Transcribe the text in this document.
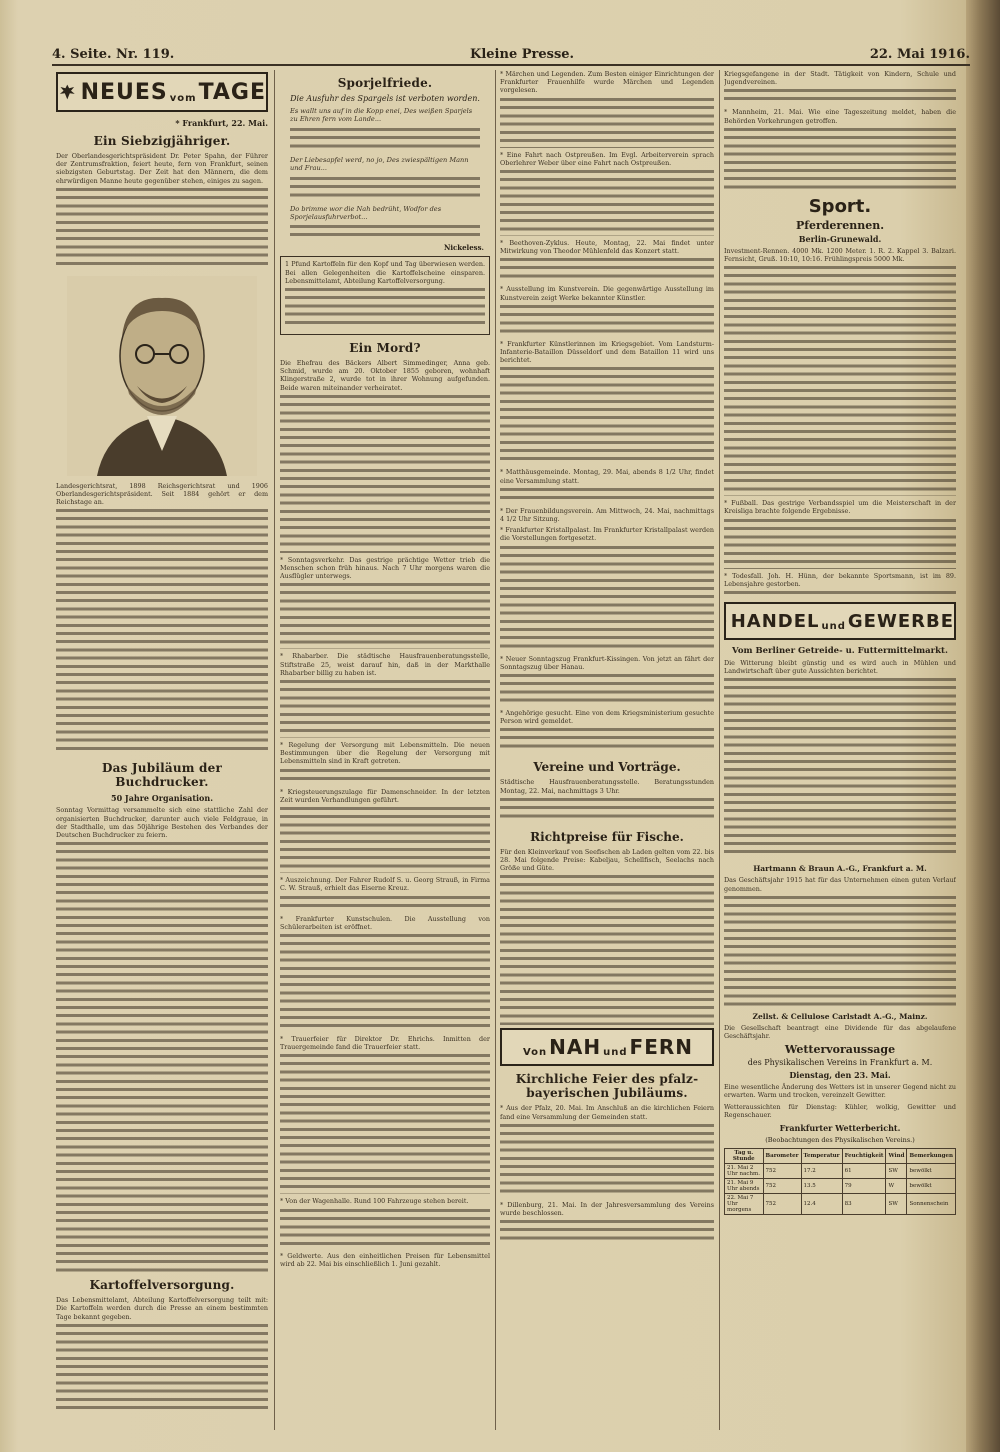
4. Seite. Nr. 119.	Kleine Presse.	22. Mai 1916.
NEUES vom TAGE
* Frankfurt, 22. Mai.
Ein Siebzigjähriger.

Der Oberlandesgerichtspräsident Dr. Peter Spahn, der Führer der Zentrumsfraktion, feiert heute, fern von Frankfurt, seinen siebzigsten Geburtstag. Der Zeit hat den Männern, die dem ehrwürdigen Manne heute gegenüber stehen, einiges zu sagen.

Landesgerichtsrat, 1898 Reichsgerichtsrat und 1906 Oberlandesgerichtspräsident. Seit 1884 gehört er dem Reichstage an.

Das Jubiläum der Buchdrucker.
50 Jahre Organisation.

Sonntag Vormittag versammelte sich eine stattliche Zahl der organisierten Buchdrucker, darunter auch viele Feldgraue, in der Stadthalle, um das 50jährige Bestehen des Verbandes der Deutschen Buchdrucker zu feiern.

Kartoffelversorgung.

Das Lebensmittelamt, Abteilung Kartoffelversorgung teilt mit: Die Kartoffeln werden durch die Presse an einem bestimmten Tage bekannt gegeben.

Sporjelfriede.
Die Ausfuhr des Spargels ist verboten worden.
Es wallt uns auf in die Kopp enei, Des weißen Sparjels zu Ehren fern vom Lande...
Der Liebesapfel werd, no jo, Des zwiespältigen Mann und Frau...
Do brimme wor die Nah bedrüht, Wodfor des Sporjelausfuhrverbot...
Nickeless.

1 Pfund Kartoffeln für den Kopf und Tag überwiesen werden. Bei allen Gelegenheiten die Kartoffelscheine einsparen. Lebensmittelamt, Abteilung Kartoffelversorgung.

Ein Mord?

Die Ehefrau des Bäckers Albert Simmedinger, Anna geb. Schmid, wurde am 20. Oktober 1855 geboren, wohnhaft Klingerstraße 2, wurde tot in ihrer Wohnung aufgefunden. Beide waren miteinander verheiratet.

* Sonntagsverkehr. Das gestrige prächtige Wetter trieb die Menschen schon früh hinaus. Nach 7 Uhr morgens waren die Ausflügler unterwegs.

* Rhabarber. Die städtische Hausfrauenberatungsstelle, Stiftstraße 25, weist darauf hin, daß in der Markthalle Rhabarber billig zu haben ist.

* Regelung der Versorgung mit Lebensmitteln. Die neuen Bestimmungen über die Regelung der Versorgung mit Lebensmitteln sind in Kraft getreten.

* Kriegsteuerungszulage für Damenschneider. In der letzten Zeit wurden Verhandlungen geführt.

* Auszeichnung. Der Fahrer Rudolf S. u. Georg Strauß, in Firma C. W. Strauß, erhielt das Eiserne Kreuz.

* Frankfurter Kunstschulen. Die Ausstellung von Schülerarbeiten ist eröffnet.

* Trauerfeier für Direktor Dr. Ehrichs. Inmitten der Trauergemeinde fand die Trauerfeier statt.

* Von der Wagenhalle. Rund 100 Fahrzeuge stehen bereit.

* Geldwerte. Aus den einheitlichen Preisen für Lebensmittel wird ab 22. Mai bis einschließlich 1. Juni gezahlt.

* Märchen und Legenden. Zum Besten einiger Einrichtungen der Frankfurter Frauenhilfe wurde Märchen und Legenden vorgelesen.

* Eine Fahrt nach Ostpreußen. Im Evgl. Arbeiterverein sprach Oberlehrer Weber über eine Fahrt nach Ostpreußen.

* Beethoven-Zyklus. Heute, Montag, 22. Mai findet unter Mitwirkung von Theodor Mühlenfeld das Konzert statt.

* Ausstellung im Kunstverein. Die gegenwärtige Ausstellung im Kunstverein zeigt Werke bekannter Künstler.

* Frankfurter Künstlerinnen im Kriegsgebiet. Vom Landsturm-Infanterie-Bataillon Düsseldorf und dem Bataillon 11 wird uns berichtet.

* Matthäusgemeinde. Montag, 29. Mai, abends 8 1/2 Uhr, findet eine Versammlung statt.

* Der Frauenbildungsverein. Am Mittwoch, 24. Mai, nachmittags 4 1/2 Uhr Sitzung.

* Frankfurter Kristallpalast. Im Frankfurter Kristallpalast werden die Vorstellungen fortgesetzt.

* Neuer Sonntagszug Frankfurt-Kissingen. Von jetzt an fährt der Sonntagszug über Hanau.

* Angehörige gesucht. Eine von dem Kriegsministerium gesuchte Person wird gemeldet.

Vereine und Vorträge.

Städtische Hausfrauenberatungsstelle. Beratungsstunden Montag, 22. Mai, nachmittags 3 Uhr.

Richtpreise für Fische.

Für den Kleinverkauf von Seefischen ab Laden gelten vom 22. bis 28. Mai folgende Preise: Kabeljau, Schellfisch, Seelachs nach Größe und Güte.

Von NAH und FERN
Kirchliche Feier des pfalz-bayerischen Jubiläums.

* Aus der Pfalz, 20. Mai. Im Anschluß an die kirchlichen Feiern fand eine Versammlung der Gemeinden statt.

* Dillenburg, 21. Mai. In der Jahresversammlung des Vereins wurde beschlossen.

Kriegsgefangene in der Stadt. Tätigkeit von Kindern, Schule und Jugendvereinen.

* Mannheim, 21. Mai. Wie eine Tageszeitung meldet, haben die Behörden Vorkehrungen getroffen.

Sport.
Pferderennen.
Berlin-Grunewald.

Investment-Rennen. 4000 Mk. 1200 Meter. 1. R. 2. Kappel 3. Balzari. Fernsicht, Gruß. 10:10, 10:16. Frühlingspreis 5000 Mk.

* Fußball. Das gestrige Verbandsspiel um die Meisterschaft in der Kreisliga brachte folgende Ergebnisse.

* Todesfall. Joh. H. Hünn, der bekannte Sportsmann, ist im 89. Lebensjahre gestorben.

HANDEL und GEWERBE
Vom Berliner Getreide- u. Futtermittelmarkt.

Die Witterung bleibt günstig und es wird auch in Mühlen und Landwirtschaft über gute Aussichten berichtet.

Hartmann & Braun A.-G., Frankfurt a. M.

Das Geschäftsjahr 1915 hat für das Unternehmen einen guten Verlauf genommen.

Zellst. & Cellulose Carlstadt A.-G., Mainz.

Die Gesellschaft beantragt eine Dividende für das abgelaufene Geschäftsjahr.

Wettervoraussage
des Physikalischen Vereins in Frankfurt a. M.
Dienstag, den 23. Mai.

Eine wesentliche Änderung des Wetters ist in unserer Gegend nicht zu erwarten. Warm und trocken, vereinzelt Gewitter.

Wetteraussichten für Dienstag: Kühler, wolkig, Gewitter und Regenschauer.

Frankfurter Wetterbericht.
(Beobachtungen des Physikalischen Vereins.)
Tag u. Stunde	Barometer	Temperatur	Feuchtigkeit	Wind	Bemerkungen
21. Mai 2 Uhr nachm.	752	17.2	61	SW	bewölkt
21. Mai 9 Uhr abends	752	13.5	79	W	bewölkt
22. Mai 7 Uhr morgens	752	12.4	83	SW	Sonnenschein
